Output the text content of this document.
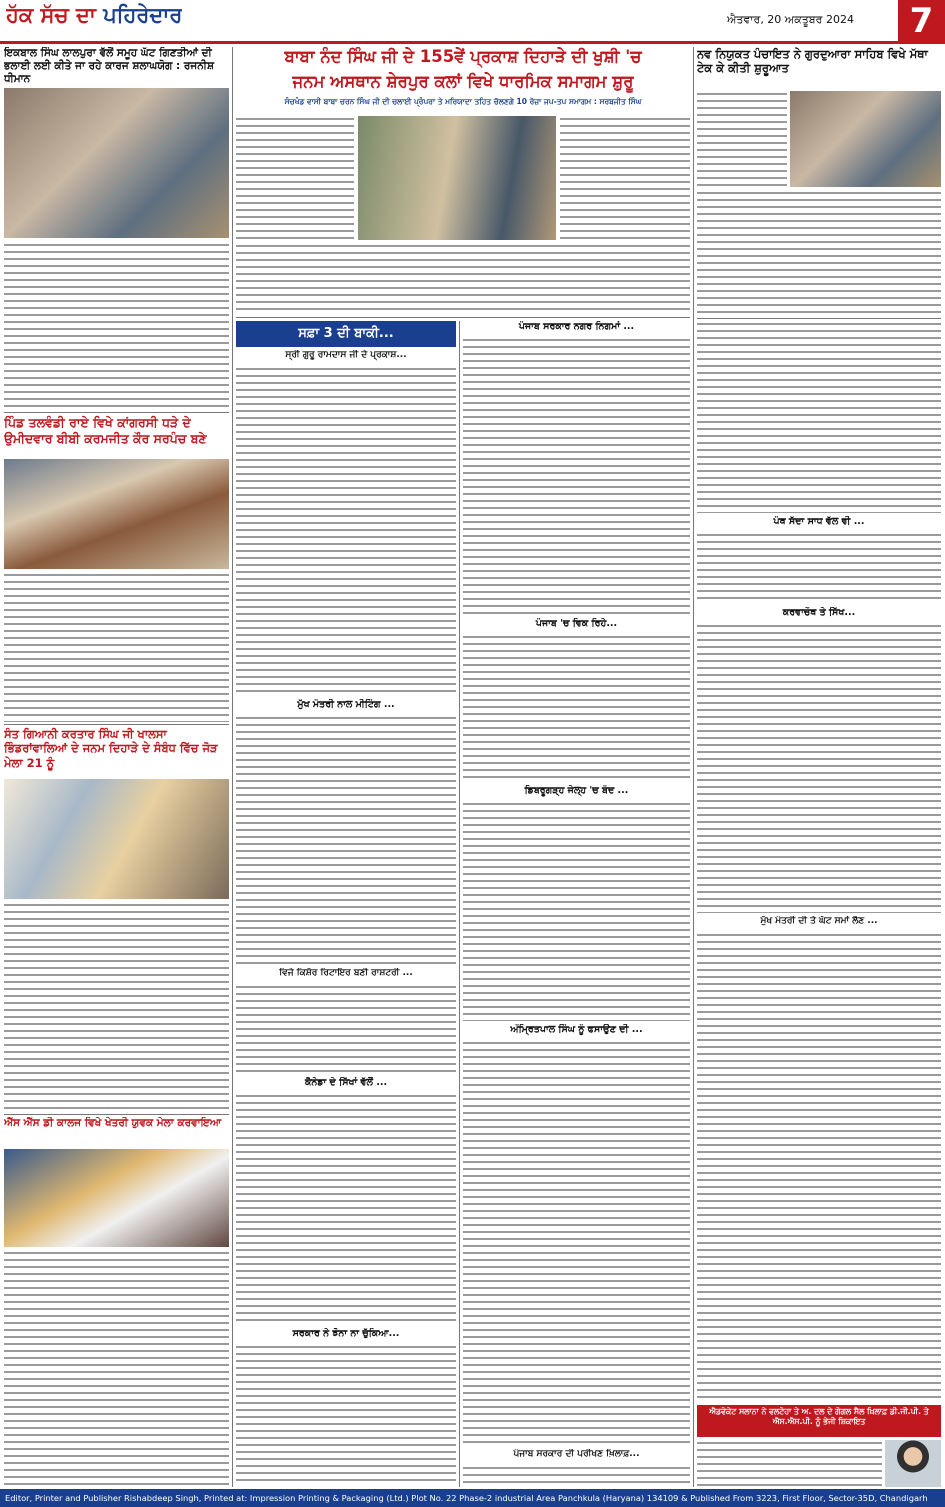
ਹੱਕ ਸੱਚ ਦਾ ਪਹਿਰੇਦਾਰ	ਐਤਵਾਰ, 20 ਅਕਤੂਬਰ 2024	7
ਇਕਬਾਲ ਸਿੰਘ ਲਾਲਪੁਰਾ ਵੱਲੋਂ ਸਮੂਹ ਘੱਟ ਗਿਣਤੀਆਂ ਦੀ ਭਲਾਈ ਲਈ ਕੀਤੇ ਜਾ ਰਹੇ ਕਾਰਜ ਸ਼ਲਾਘਯੋਗ : ਰਜਨੀਸ਼ ਧੀਮਾਨ
ਪਿੰਡ ਤਲਵੰਡੀ ਰਾਏ ਵਿਖੇ ਕਾਂਗਰਸੀ ਧੜੇ ਦੇ ਉਮੀਦਵਾਰ ਬੀਬੀ ਕਰਮਜੀਤ ਕੌਰ ਸਰਪੰਚ ਬਣੇ
ਸੰਤ ਗਿਆਨੀ ਕਰਤਾਰ ਸਿੰਘ ਜੀ ਖਾਲਸਾ ਭਿੰਡਰਾਂਵਾਲਿਆਂ ਦੇ ਜਨਮ ਦਿਹਾੜੇ ਦੇ ਸੰਬੰਧ ਵਿੱਚ ਜੋੜ ਮੇਲਾ 21 ਨੂੰ
ਐੱਸ ਐੱਸ ਡੀ ਕਾਲਜ ਵਿਖੇ ਖੇਤਰੀ ਯੁਵਕ ਮੇਲਾ ਕਰਵਾਇਆ
ਬਾਬਾ ਨੰਦ ਸਿੰਘ ਜੀ ਦੇ 155ਵੇਂ ਪ੍ਰਕਾਸ਼ ਦਿਹਾੜੇ ਦੀ ਖੁਸ਼ੀ 'ਚ
ਜਨਮ ਅਸਥਾਨ ਸ਼ੇਰਪੁਰ ਕਲਾਂ ਵਿਖੇ ਧਾਰਮਿਕ ਸਮਾਗਮ ਸ਼ੁਰੂ
ਸੰਚਖੰਡ ਵਾਸੀ ਬਾਬਾ ਚਰਨ ਸਿੰਘ ਜੀ ਦੀ ਚਲਾਈ ਪ੍ਰੰਪਰਾ ਤੇ ਮਰਿਯਾਦਾ ਤਹਿਤ ਚੱਲਣਗੇ 10 ਰੋਜ਼ਾ ਜਪ-ਤਪ ਸਮਾਗਮ : ਸਰਬਜੀਤ ਸਿੰਘ
ਸਫ਼ਾ 3 ਦੀ ਬਾਕੀ...
ਸ੍ਰੀ ਗੁਰੂ ਰਾਮਦਾਸ ਜੀ ਦੇ ਪ੍ਰਕਾਸ਼...
ਮੁੱਖ ਮੰਤਰੀ ਨਾਲ ਮੀਟਿੰਗ ...
ਵਿਜੇ ਕਿਸ਼ੋਰ ਰਿਟਾਇਰ ਬਣੀ ਰਾਸ਼ਟਰੀ ...
ਕੈਨੇਡਾ ਦੇ ਸਿੱਖਾਂ ਵੱਲੋਂ ...
ਸਰਕਾਰ ਨੇ ਝੋਨਾ ਨਾ ਚੁੱਕਿਆ...
ਪੰਜਾਬ ਸਰਕਾਰ ਨਗਰ ਨਿਗਮਾਂ ...
ਪੰਜਾਬ 'ਚ ਵਿਕ ਰਿਹੇ...
ਡਿਬਰੂਗੜ੍ਹ ਜੇਲ੍ਹ 'ਚ ਬੰਦ ...
ਅੰਮ੍ਰਿਤਪਾਲ ਸਿੰਘ ਨੂੰ ਫਸਾਉਣ ਦੀ ...
ਪੰਜਾਬ ਸਰਕਾਰ ਦੀ ਪਰੀਖਣ ਖ਼ਿਲਾਫ਼...
ਨਵ ਨਿਯੁਕਤ ਪੰਚਾਇਤ ਨੇ ਗੁਰਦੁਆਰਾ ਸਾਹਿਬ ਵਿਖੇ ਮੱਥਾ ਟੇਕ ਕੇ ਕੀਤੀ ਸ਼ੁਰੂਆਤ
ਪੰਥ ਸੱਦਾ ਸਾਧ ਵੱਲ ਵੀ ...
ਕਰਵਾਚੌਥ ਤੇ ਸਿੱਖ...
ਮੁੱਖ ਮੰਤਰੀ ਦੀ ਤੇ ਘੱਟ ਸਮਾਂ ਲੈਣ ...
ਐਡਵੋਕੇਟ ਸਲਾਨਾ ਨੇ ਵਲਟੋਹਾ ਤੇ ਅ. ਦਲ ਦੇ ਗੋਗਲ ਸੈਲ ਖ਼ਿਲਾਫ਼ ਡੀ.ਜੀ.ਪੀ. ਤੇ ਐਸ.ਐਸ.ਪੀ. ਨੂੰ ਭੇਜੀ ਸ਼ਿਕਾਇਤ
Editor, Printer and Publisher Rishabdeep Singh, Printed at: Impression Printing & Packaging (Ltd.) Plot No. 22 Phase-2 industrial Area Panchkula (Haryana) 134109 & Published From 3223, First Floor, Sector-35D, Chandigarh
